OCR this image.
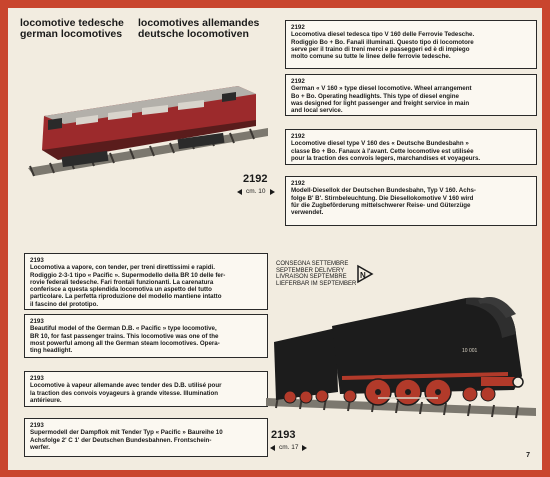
locomotive tedesche
german locomotives
locomotives allemandes
deutsche locomotiven
2192
cm. 10
2192
Locomotiva diesel tedesca tipo V 160 delle Ferrovie Tedesche.
Rodiggio Bo + Bo. Fanali illuminati. Questo tipo di locomotore
serve per il traino di treni merci e passeggeri ed è di impiego
molto comune su tutte le linee delle ferrovie tedesche.
2192
German « V 160 » type diesel locomotive. Wheel arrangement
Bo + Bo. Operating headlights. This type of diesel engine
was designed for light passenger and freight service in main
and local service.
2192
Locomotive diesel type V 160 des « Deutsche Bundesbahn »
classe Bo + Bo. Fanaux à l'avant. Cette locomotive est utilisée
pour la traction des convois legers, marchandises et voyageurs.
2192
Modell-Diesellok der Deutschen Bundesbahn, Typ V 160. Achs-
folge B' B'. Stirnbeleuchtung. Die Diesellokomotive V 160 wird
für die Zugbeförderung mittelschwerer Reise- und Güterzüge
verwendet.
2193
Locomotiva a vapore, con tender, per treni direttissimi e rapidi.
Rodiggio 2-3-1 tipo « Pacific ». Supermodello della BR 10 delle fer-
rovie federali tedesche. Fari frontali funzionanti. La carenatura
conferisce a questa splendida locomotiva un aspetto del tutto
particolare. La perfetta riproduzione del modello mantiene intatto
il fascino del prototipo.
2193
Beautiful model of the German D.B. « Pacific » type locomotive,
BR 10, for fast passenger trains. This locomotive was one of the
most powerful among all the German steam locomotives. Opera-
ting headlight.
2193
Locomotive à vapeur allemande avec tender des D.B. utilisé pour
la traction des convois voyageurs à grande vitesse. Illumination
antérieure.
2193
Supermodell der Dampflok mit Tender Typ « Pacific » Baureihe 10
Achsfolge 2' C 1' der Deutschen Bundesbahnen. Frontschein-
werfer.
CONSEGNA SETTEMBRE
SEPTEMBER DELIVERY
LIVRAISON SEPTEMBRE
LIEFERBAR IM SEPTEMBER
N
10 001
2193
cm. 17
7
